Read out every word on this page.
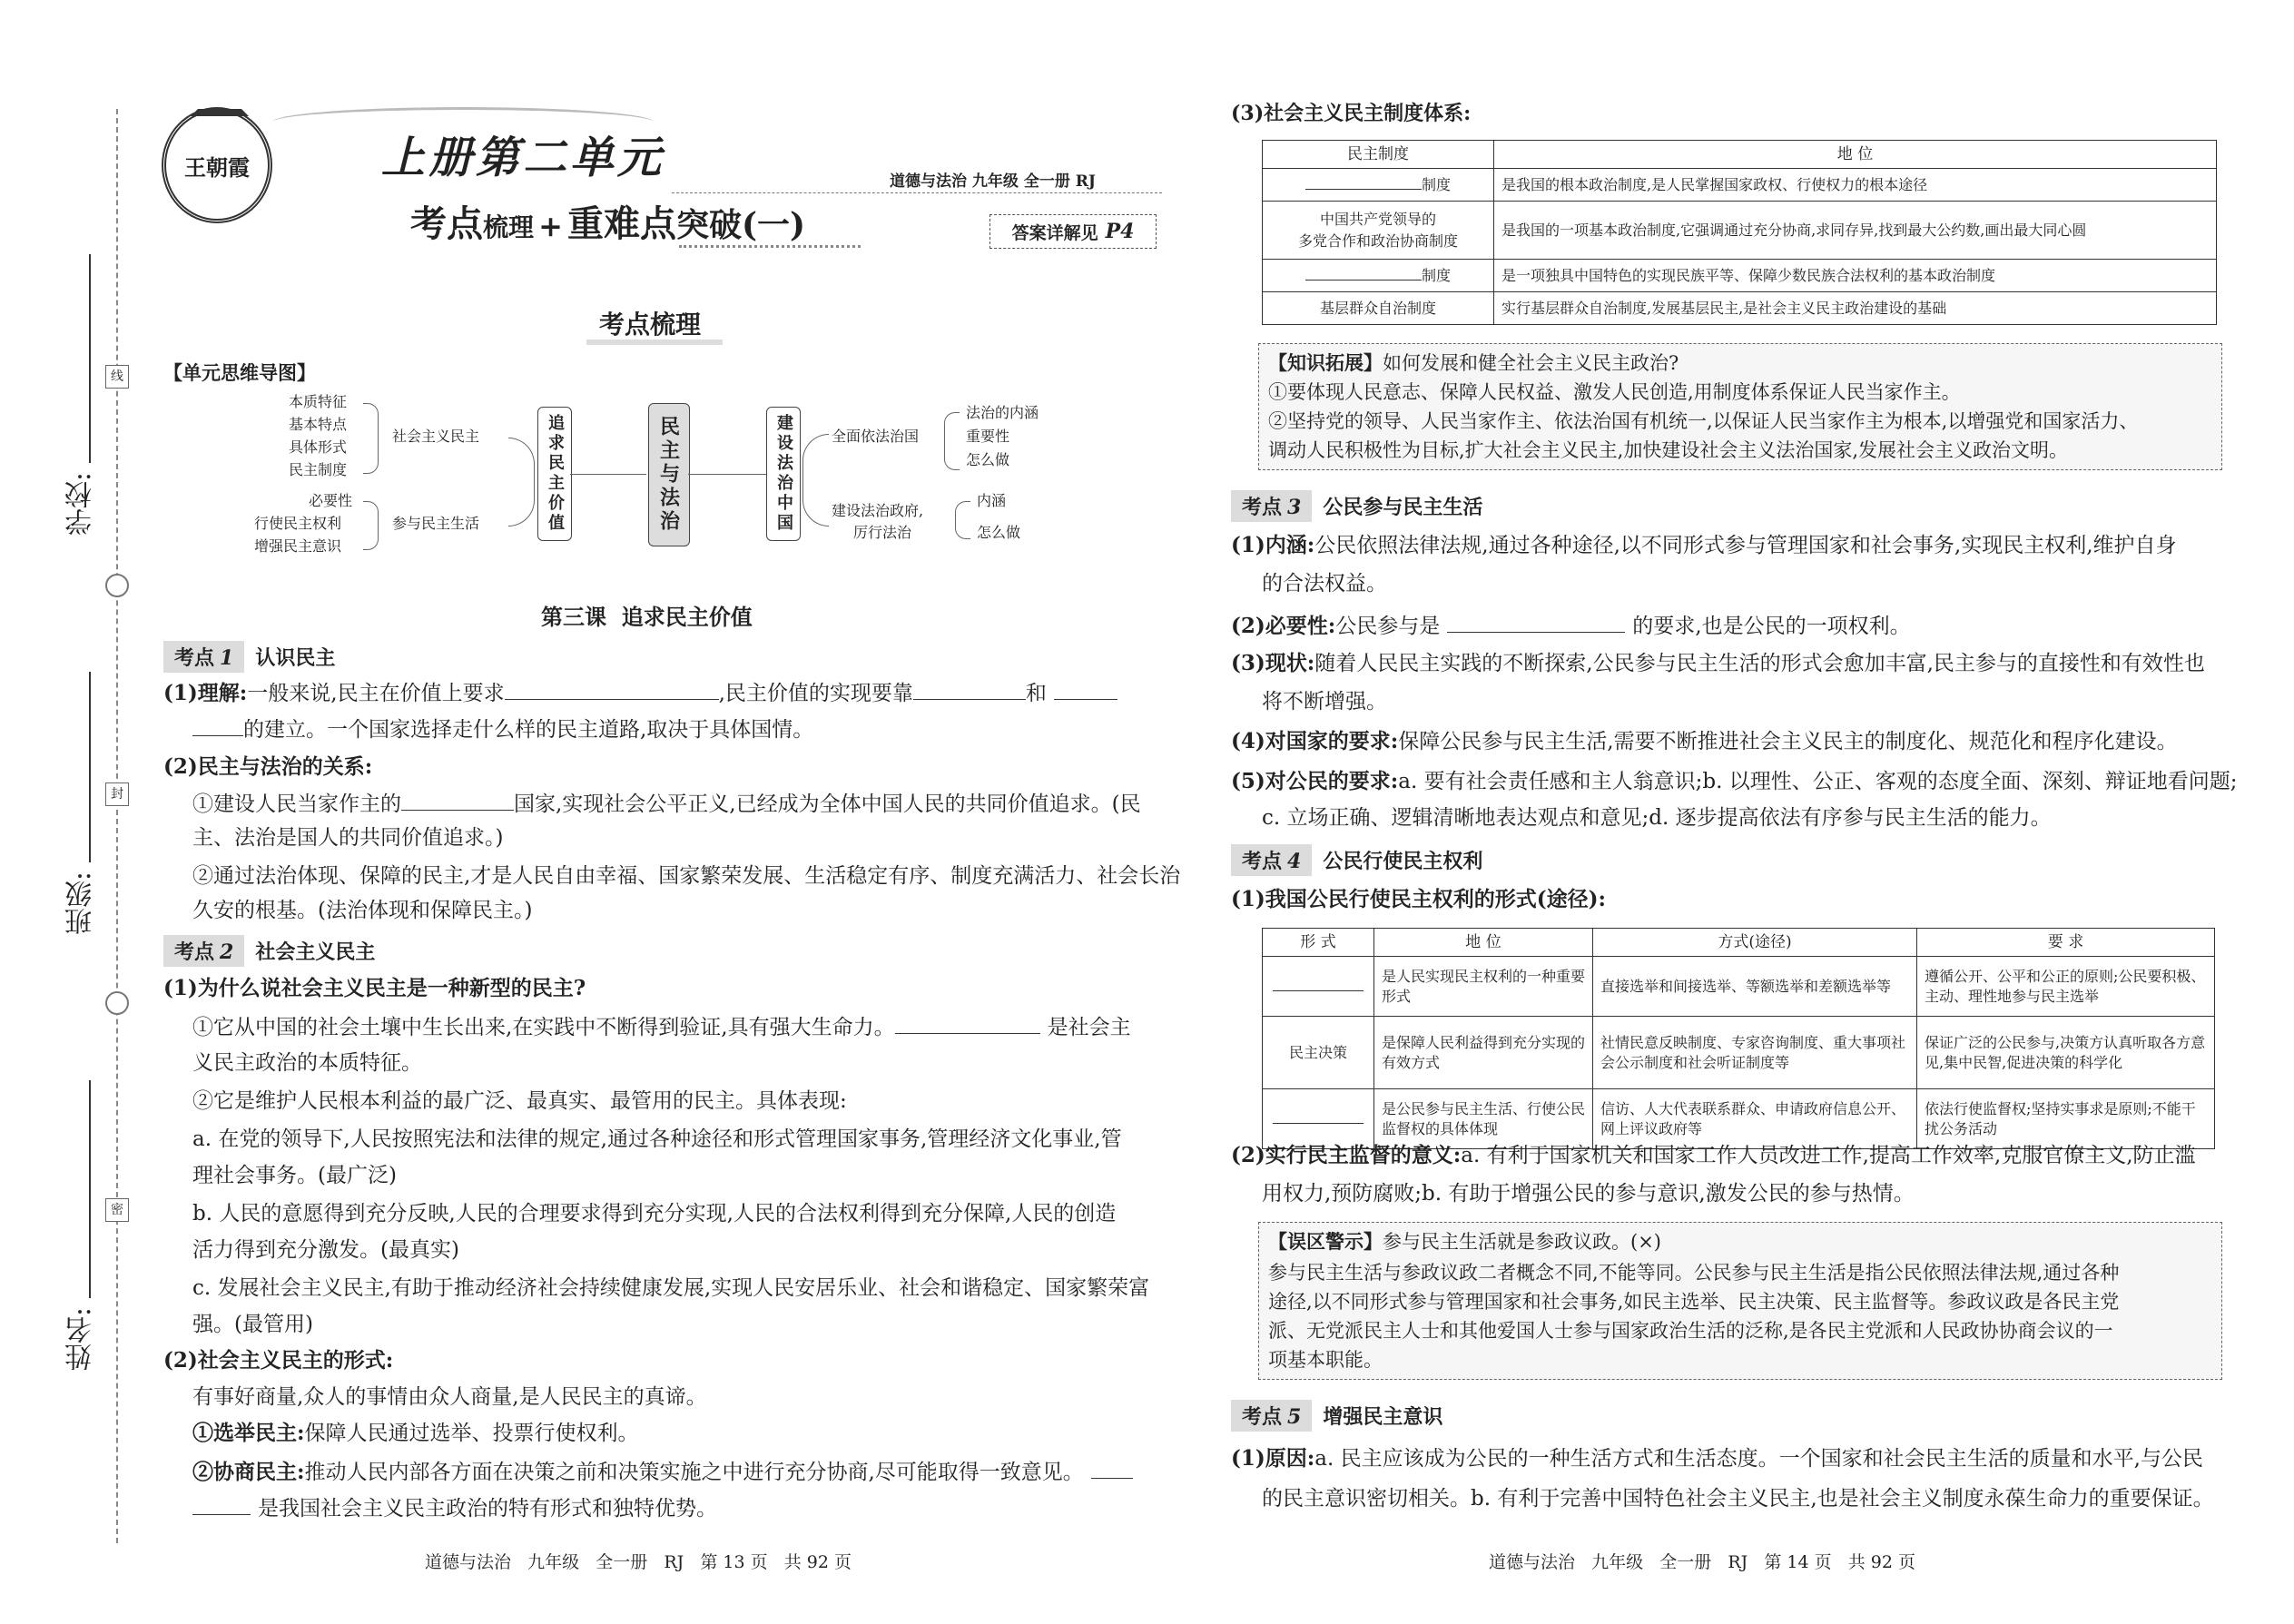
学校:
班级:
姓名:
线
封
密
王朝霞	上册第二单元	道德与法治 九年级 全一册 RJ
考点梳理 + 重难点突破(一)	答案详解见 P4
考点梳理
【单元思维导图】
本质特征
基本特点
具体形式
民主制度
社会主义民主
必要性
行使民主权利
增强民主意识
参与民主生活	追求民主价值	民主与法治	建设法治中国	全面依法治国
建设法治政府,
厉行法治
法治的内涵
重要性
怎么做
内涵
怎么做
第三课  追求民主价值
考点 1	认识民主
(1)理解:一般来说,民主在价值上要求	,民主价值的实现要靠	和
的建立。一个国家选择走什么样的民主道路,取决于具体国情。
(2)民主与法治的关系:
①建设人民当家作主的	国家,实现社会公平正义,已经成为全体中国人民的共同价值追求。(民
主、法治是国人的共同价值追求。)
②通过法治体现、保障的民主,才是人民自由幸福、国家繁荣发展、生活稳定有序、制度充满活力、社会长治
久安的根基。(法治体现和保障民主。)
考点 2	社会主义民主
(1)为什么说社会主义民主是一种新型的民主?
①它从中国的社会土壤中生长出来,在实践中不断得到验证,具有强大生命力。	是社会主
义民主政治的本质特征。
②它是维护人民根本利益的最广泛、最真实、最管用的民主。具体表现:
a. 在党的领导下,人民按照宪法和法律的规定,通过各种途径和形式管理国家事务,管理经济文化事业,管
理社会事务。(最广泛)
b. 人民的意愿得到充分反映,人民的合理要求得到充分实现,人民的合法权利得到充分保障,人民的创造
活力得到充分激发。(最真实)
c. 发展社会主义民主,有助于推动经济社会持续健康发展,实现人民安居乐业、社会和谐稳定、国家繁荣富
强。(最管用)
(2)社会主义民主的形式:
有事好商量,众人的事情由众人商量,是人民民主的真谛。
①选举民主:保障人民通过选举、投票行使权利。
②协商民主:推动人民内部各方面在决策之前和决策实施之中进行充分协商,尽可能取得一致意见。
是我国社会主义民主政治的特有形式和独特优势。
道德与法治   九年级   全一册   RJ   第 13 页   共 92 页
(3)社会主义民主制度体系:
民主制度	地 位
制度	是我国的根本政治制度,是人民掌握国家政权、行使权力的根本途径
中国共产党领导的
多党合作和政治协商制度	是我国的一项基本政治制度,它强调通过充分协商,求同存异,找到最大公约数,画出最大同心圆
制度	是一项独具中国特色的实现民族平等、保障少数民族合法权利的基本政治制度
基层群众自治制度	实行基层群众自治制度,发展基层民主,是社会主义民主政治建设的基础
【知识拓展】如何发展和健全社会主义民主政治?
①要体现人民意志、保障人民权益、激发人民创造,用制度体系保证人民当家作主。
②坚持党的领导、人民当家作主、依法治国有机统一,以保证人民当家作主为根本,以增强党和国家活力、
调动人民积极性为目标,扩大社会主义民主,加快建设社会主义法治国家,发展社会主义政治文明。
考点 3	公民参与民主生活
(1)内涵:公民依照法律法规,通过各种途径,以不同形式参与管理国家和社会事务,实现民主权利,维护自身
的合法权益。
(2)必要性:公民参与是	的要求,也是公民的一项权利。
(3)现状:随着人民民主实践的不断探索,公民参与民主生活的形式会愈加丰富,民主参与的直接性和有效性也
将不断增强。
(4)对国家的要求:保障公民参与民主生活,需要不断推进社会主义民主的制度化、规范化和程序化建设。
(5)对公民的要求:a. 要有社会责任感和主人翁意识;b. 以理性、公正、客观的态度全面、深刻、辩证地看问题;
c. 立场正确、逻辑清晰地表达观点和意见;d. 逐步提高依法有序参与民主生活的能力。
考点 4	公民行使民主权利
(1)我国公民行使民主权利的形式(途径):
形 式	地 位	方式(途径)	要 求
	是人民实现民主权利的一种重要形式	直接选举和间接选举、等额选举和差额选举等	遵循公开、公平和公正的原则;公民要积极、主动、理性地参与民主选举
民主决策	是保障人民利益得到充分实现的有效方式	社情民意反映制度、专家咨询制度、重大事项社会公示制度和社会听证制度等	保证广泛的公民参与,决策方认真听取各方意见,集中民智,促进决策的科学化
	是公民参与民主生活、行使公民监督权的具体体现	信访、人大代表联系群众、申请政府信息公开、网上评议政府等	依法行使监督权;坚持实事求是原则;不能干扰公务活动
(2)实行民主监督的意义:a. 有利于国家机关和国家工作人员改进工作,提高工作效率,克服官僚主义,防止滥
用权力,预防腐败;b. 有助于增强公民的参与意识,激发公民的参与热情。
【误区警示】参与民主生活就是参政议政。(×)
参与民主生活与参政议政二者概念不同,不能等同。公民参与民主生活是指公民依照法律法规,通过各种
途径,以不同形式参与管理国家和社会事务,如民主选举、民主决策、民主监督等。参政议政是各民主党
派、无党派民主人士和其他爱国人士参与国家政治生活的泛称,是各民主党派和人民政协协商会议的一
项基本职能。
考点 5	增强民主意识
(1)原因:a. 民主应该成为公民的一种生活方式和生活态度。一个国家和社会民主生活的质量和水平,与公民
的民主意识密切相关。b. 有利于完善中国特色社会主义民主,也是社会主义制度永葆生命力的重要保证。
道德与法治   九年级   全一册   RJ   第 14 页   共 92 页
